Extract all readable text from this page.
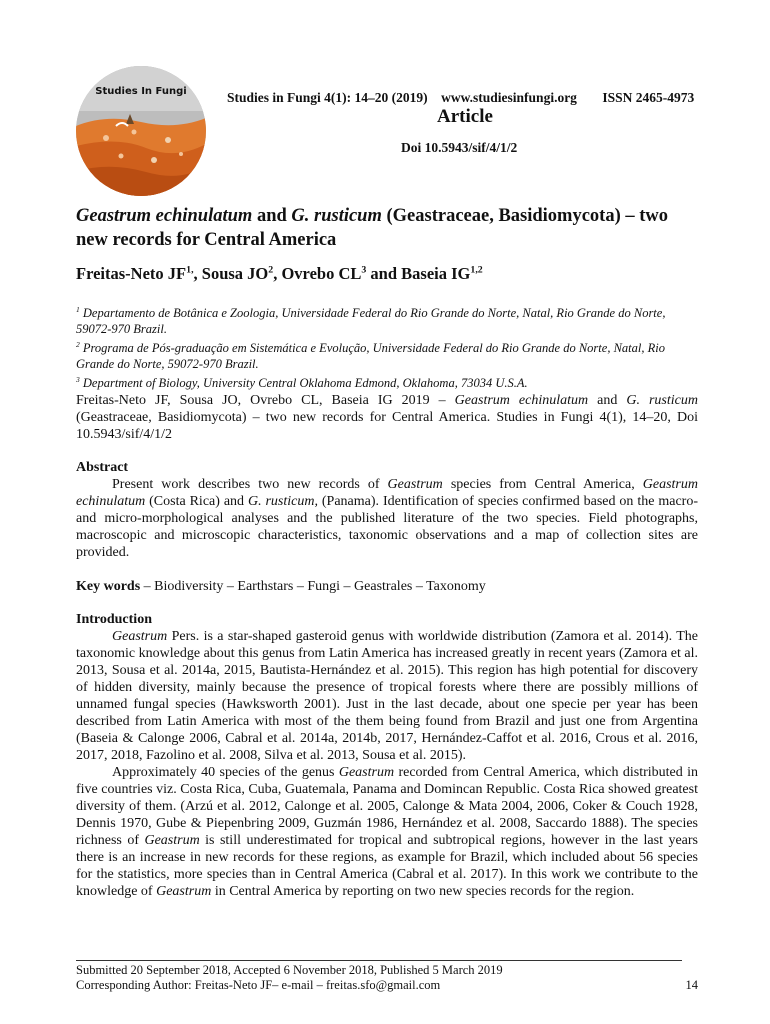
Studies In Fungi	Studies in Fungi 4(1): 14–20 (2019) www.studiesinfungi.org ISSN 2465-4973
Article
Doi 10.5943/sif/4/1/2
Geastrum echinulatum and G. rusticum (Geastraceae, Basidiomycota) – two new records for Central America
Freitas-Neto $JF^{1,}$, Sousa $JO^2$, Ovrebo $CL^3$ and Baseia IG$^{1,2}$

$^1$ Departamento de Botânica e Zoologia, Universidade Federal do Rio Grande do Norte, Natal, Rio Grande do Norte, 59072-970 Brazil.

$^2$ Programa de Pós-graduação em Sistemática e Evolução, Universidade Federal do Rio Grande do Norte, Natal, Rio Grande do Norte, 59072-970 Brazil.

$^3$ Department of Biology, University Central Oklahoma Edmond, Oklahoma, 73034 U.S.A.

Freitas-Neto JF, Sousa JO, Ovrebo CL, Baseia IG 2019 – Geastrum echinulatum and G. rusticum (Geastraceae, Basidiomycota) – two new records for Central America. Studies in Fungi 4(1), 14–20, Doi 10.5943/sif/4/1/2
Abstract

Present work describes two new records of Geastrum species from Central America, Geastrum echinulatum (Costa Rica) and G. rusticum, (Panama). Identification of species confirmed based on the macro- and micro-morphological analyses and the published literature of the two species. Field photographs, macroscopic and microscopic characteristics, taxonomic observations and a map of collection sites are provided.

Key words – Biodiversity – Earthstars – Fungi – Geastrales – Taxonomy
Introduction

Geastrum Pers. is a star-shaped gasteroid genus with worldwide distribution (Zamora et al. 2014). The taxonomic knowledge about this genus from Latin America has increased greatly in recent years (Zamora et al. 2013, Sousa et al. 2014a, 2015, Bautista-Hernández et al. 2015). This region has high potential for discovery of hidden diversity, mainly because the presence of tropical forests where there are possibly millions of unnamed fungal species (Hawksworth 2001). Just in the last decade, about one specie per year has been described from Latin America with most of the them being found from Brazil and just one from Argentina (Baseia & Calonge 2006, Cabral et al. 2014a, 2014b, 2017, Hernández-Caffot et al. 2016, Crous et al. 2016, 2017, 2018, Fazolino et al. 2008, Silva et al. 2013, Sousa et al. 2015).

Approximately 40 species of the genus Geastrum recorded from Central America, which distributed in five countries viz. Costa Rica, Cuba, Guatemala, Panama and Domincan Republic. Costa Rica showed greatest diversity of them. (Arzú et al. 2012, Calonge et al. 2005, Calonge & Mata 2004, 2006, Coker & Couch 1928, Dennis 1970, Gube & Piepenbring 2009, Guzmán 1986, Hernández et al. 2008, Saccardo 1888). The species richness of Geastrum is still underestimated for tropical and subtropical regions, however in the last years there is an increase in new records for these regions, as example for Brazil, which included about 56 species for the statistics, more species than in Central America (Cabral et al. 2017). In this work we contribute to the knowledge of Geastrum in Central America by reporting on two new species records for the region.

Submitted 20 September 2018, Accepted 6 November 2018, Published 5 March 2019
Corresponding Author: Freitas-Neto JF– e-mail – freitas.sfo@gmail.com	14
